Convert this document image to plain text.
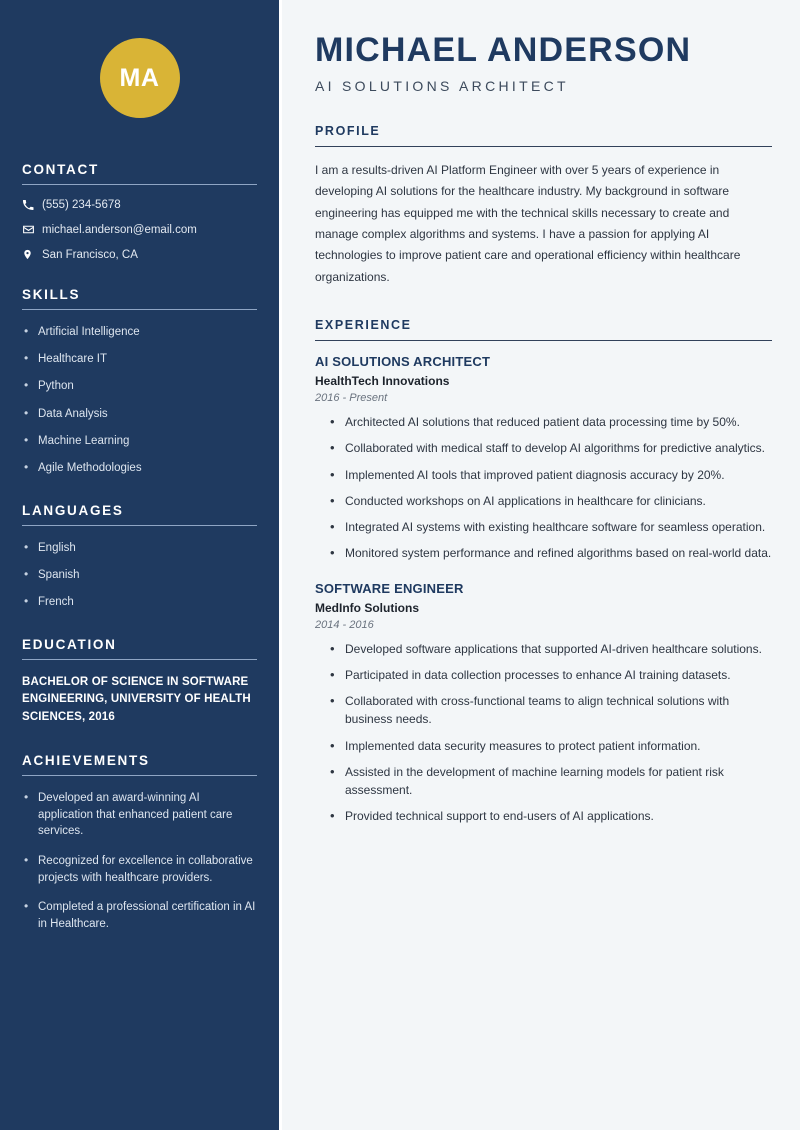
MA
CONTACT
(555) 234-5678
michael.anderson@email.com
San Francisco, CA
SKILLS
• Artificial Intelligence
• Healthcare IT
• Python
• Data Analysis
• Machine Learning
• Agile Methodologies
LANGUAGES
• English
• Spanish
• French
EDUCATION
BACHELOR OF SCIENCE IN SOFTWARE ENGINEERING, UNIVERSITY OF HEALTH SCIENCES, 2016
ACHIEVEMENTS
• Developed an award-winning AI application that enhanced patient care services.
• Recognized for excellence in collaborative projects with healthcare providers.
• Completed a professional certification in AI in Healthcare.
MICHAEL ANDERSON
AI SOLUTIONS ARCHITECT
PROFILE

I am a results-driven AI Platform Engineer with over 5 years of experience in developing AI solutions for the healthcare industry. My background in software engineering has equipped me with the technical skills necessary to create and manage complex algorithms and systems. I have a passion for applying AI technologies to improve patient care and operational efficiency within healthcare organizations.

EXPERIENCE
AI SOLUTIONS ARCHITECT
HealthTech Innovations
2016 - Present
• Architected AI solutions that reduced patient data processing time by 50%.
• Collaborated with medical staff to develop AI algorithms for predictive analytics.
• Implemented AI tools that improved patient diagnosis accuracy by 20%.
• Conducted workshops on AI applications in healthcare for clinicians.
• Integrated AI systems with existing healthcare software for seamless operation.
• Monitored system performance and refined algorithms based on real-world data.
SOFTWARE ENGINEER
MedInfo Solutions
2014 - 2016
• Developed software applications that supported AI-driven healthcare solutions.
• Participated in data collection processes to enhance AI training datasets.
• Collaborated with cross-functional teams to align technical solutions with business needs.
• Implemented data security measures to protect patient information.
• Assisted in the development of machine learning models for patient risk assessment.
• Provided technical support to end-users of AI applications.
